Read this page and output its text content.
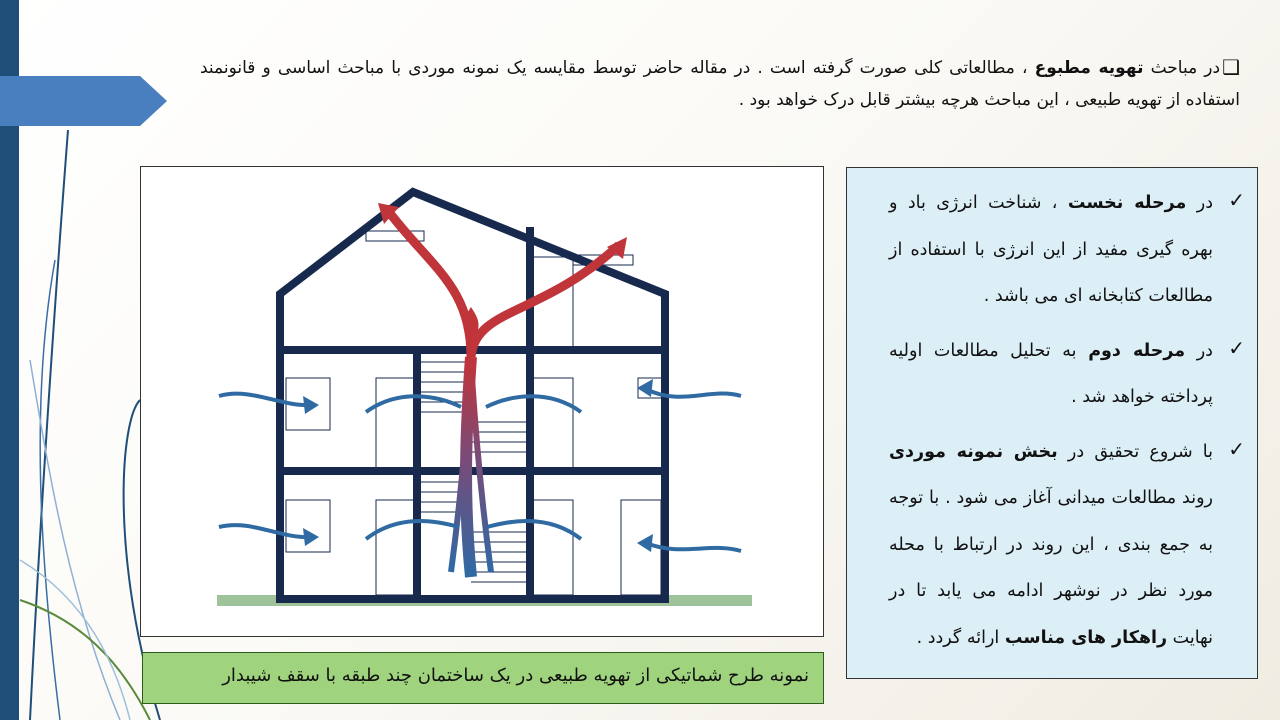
❑در مباحث تهویه مطبوع ، مطالعاتی کلی صورت گرفته است . در مقاله حاضر توسط مقایسه یک نمونه موردی با مباحث اساسی و قانونمند استفاده از تهویه طبیعی ، این مباحث هرچه بیشتر قابل درک خواهد بود .
نمونه طرح شماتیکی از تهویه طبیعی در یک ساختمان چند طبقه با سقف شیبدار
✓
در مرحله نخست ، شناخت انرژی باد و بهره گیری مفید از این انرژی با استفاده از مطالعات کتابخانه ای می باشد .
✓
در مرحله دوم به تحلیل مطالعات اولیه پرداخته خواهد شد .
✓
با شروع تحقیق در بخش نمونه موردی روند مطالعات میدانی آغاز می شود . با توجه به جمع بندی ، این روند در ارتباط با محله مورد نظر در نوشهر ادامه می یابد تا در نهایت راهکار های مناسب ارائه گردد .
